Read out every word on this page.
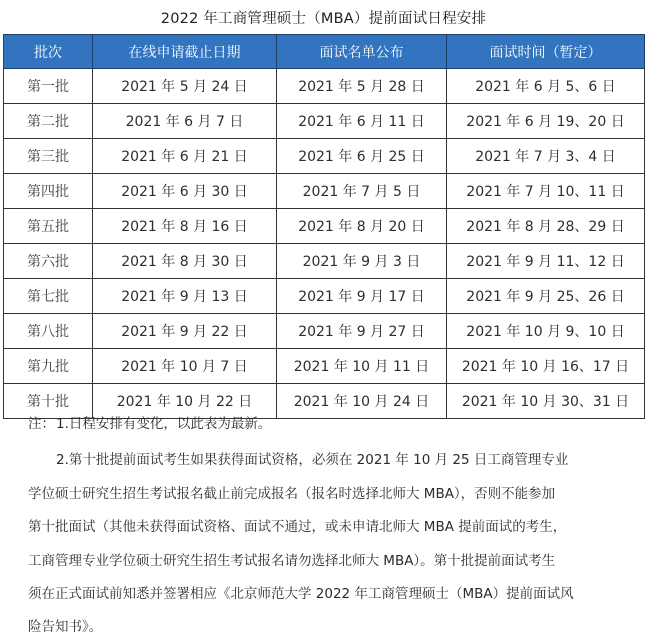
2022 年工商管理硕士（MBA）提前面试日程安排
批次	在线申请截止日期	面试名单公布	面试时间（暂定）
第一批	2021 年 5 月 24 日	2021 年 5 月 28 日	2021 年 6 月 5、6 日
第二批	2021 年 6 月 7 日	2021 年 6 月 11 日	2021 年 6 月 19、20 日
第三批	2021 年 6 月 21 日	2021 年 6 月 25 日	2021 年 7 月 3、4 日
第四批	2021 年 6 月 30 日	2021 年 7 月 5 日	2021 年 7 月 10、11 日
第五批	2021 年 8 月 16 日	2021 年 8 月 20 日	2021 年 8 月 28、29 日
第六批	2021 年 8 月 30 日	2021 年 9 月 3 日	2021 年 9 月 11、12 日
第七批	2021 年 9 月 13 日	2021 年 9 月 17 日	2021 年 9 月 25、26 日
第八批	2021 年 9 月 22 日	2021 年 9 月 27 日	2021 年 10 月 9、10 日
第九批	2021 年 10 月 7 日	2021 年 10 月 11 日	2021 年 10 月 16、17 日
第十批	2021 年 10 月 22 日	2021 年 10 月 24 日	2021 年 10 月 30、31 日
注： 1.日程安排有变化，以此表为最新。
2.第十批提前面试考生如果获得面试资格，必须在 2021 年 10 月 25 日工商管理专业
学位硕士研究生招生考试报名截止前完成报名（报名时选择北师大 MBA），否则不能参加
第十批面试（其他未获得面试资格、面试不通过，或未申请北师大 MBA 提前面试的考生，
工商管理专业学位硕士研究生招生考试报名请勿选择北师大 MBA）。第十批提前面试考生
须在正式面试前知悉并签署相应《北京师范大学 2022 年工商管理硕士（MBA）提前面试风
险告知书》。
